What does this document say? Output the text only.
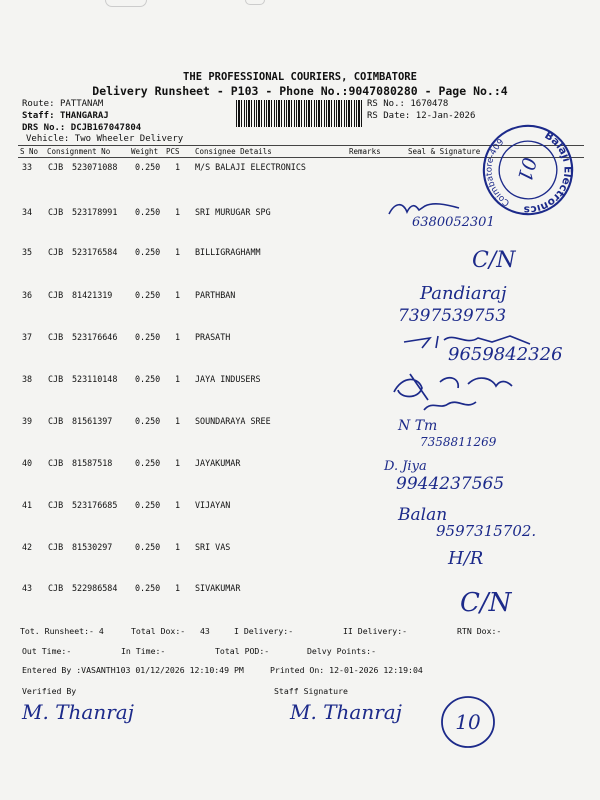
THE PROFESSIONAL COURIERS, COIMBATORE
Delivery Runsheet - P103 - Phone No.:9047080280 - Page No.:4
Route: PATTANAM
Staff: THANGARAJ
DRS No.: DCJB167047804
Vehicle: Two Wheeler Delivery
RS No.: 1670478
RS Date: 12-Jan-2026
S No Consignment No	Weight PCS Consignee Details	Remarks	Seal & Signature
33 CJB 523071088 0.250 1 M/S BALAJI ELECTRONICS
34 CJB 523178991 0.250 1 SRI MURUGAR SPG
35 CJB 523176584 0.250 1 BILLIGRAGHAMM
36 CJB 81421319	0.250 1 PARTHBAN
37 CJB 523176646 0.250 1 PRASATH
38 CJB 523110148 0.250 1 JAYA INDUSERS
39 CJB 81561397	0.250 1 SOUNDARAYA SREE
40 CJB 81587518	0.250 1 JAYAKUMAR
41 CJB 523176685 0.250 1 VIJAYAN
42 CJB 81530297	0.250 1 SRI VAS
43 CJB 522986584 0.250 1 SIVAKUMAR
Balaji Electronics
Coimbatore-409
01
6380052301
C/N
Pandiaraj
7397539753
9659842326
N Tm
7358811269
D. Jiya
9944237565
Balan
9597315702.
H/R
C/N
Tot. Runsheet:- 4	Total Dox:- 43	I Delivery:-	II Delivery:-	RTN Dox:-
Out Time:-	In Time:-	Total POD:-	Delvy Points:-
Entered By :VASANTH103 01/12/2026 12:10:49 PM	Printed On: 12-01-2026 12:19:04
Verified By	Staff Signature
M. Thanraj	M. Thanraj	10
